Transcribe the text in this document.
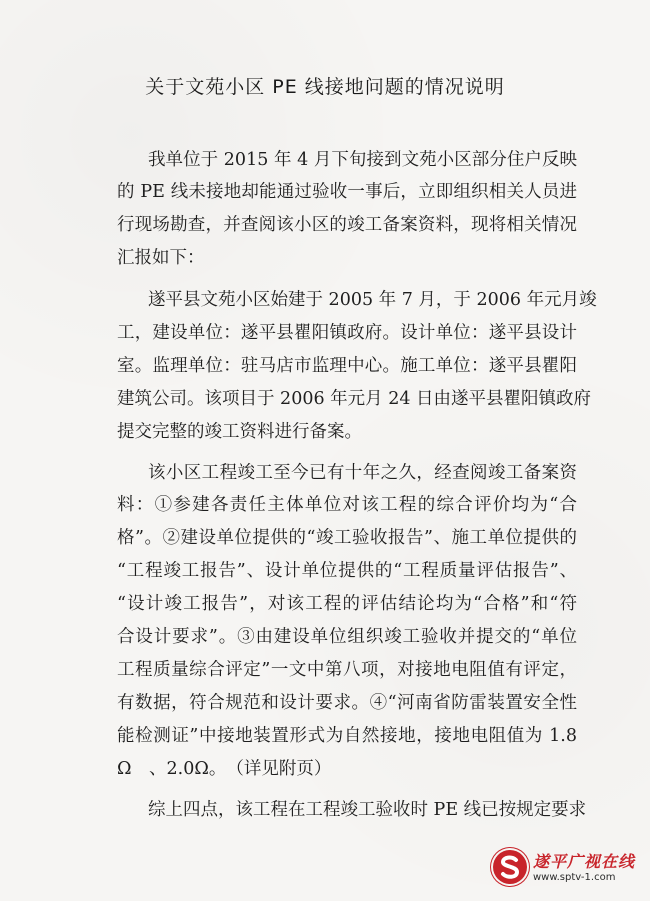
关于文苑小区 PE 线接地问题的情况说明
我单位于 2015 年 4 月下旬接到文苑小区部分住户反映
的 PE 线未接地却能通过验收一事后，立即组织相关人员进
行现场勘查，并查阅该小区的竣工备案资料，现将相关情况
汇报如下：
遂平县文苑小区始建于 2005 年 7 月，于 2006 年元月竣
工，建设单位：遂平县瞿阳镇政府。设计单位：遂平县设计
室。监理单位：驻马店市监理中心。施工单位：遂平县瞿阳
建筑公司。该项目于 2006 年元月 24 日由遂平县瞿阳镇政府
提交完整的竣工资料进行备案。
该小区工程竣工至今已有十年之久，经查阅竣工备案资
料：①参建各责任主体单位对该工程的综合评价均为“合
格”。②建设单位提供的“竣工验收报告”、施工单位提供的
“工程竣工报告”、设计单位提供的“工程质量评估报告”、
“设计竣工报告”，对该工程的评估结论均为“合格”和“符
合设计要求”。③由建设单位组织竣工验收并提交的“单位
工程质量综合评定”一文中第八项，对接地电阻值有评定，
有数据，符合规范和设计要求。④“河南省防雷装置安全性
能检测证”中接地装置形式为自然接地，接地电阻值为 1.8
Ω　、2.0Ω。　（详见附页）
综上四点，该工程在工程竣工验收时 PE 线已按规定要求
遂平广视在线
www.sptv-1.com
